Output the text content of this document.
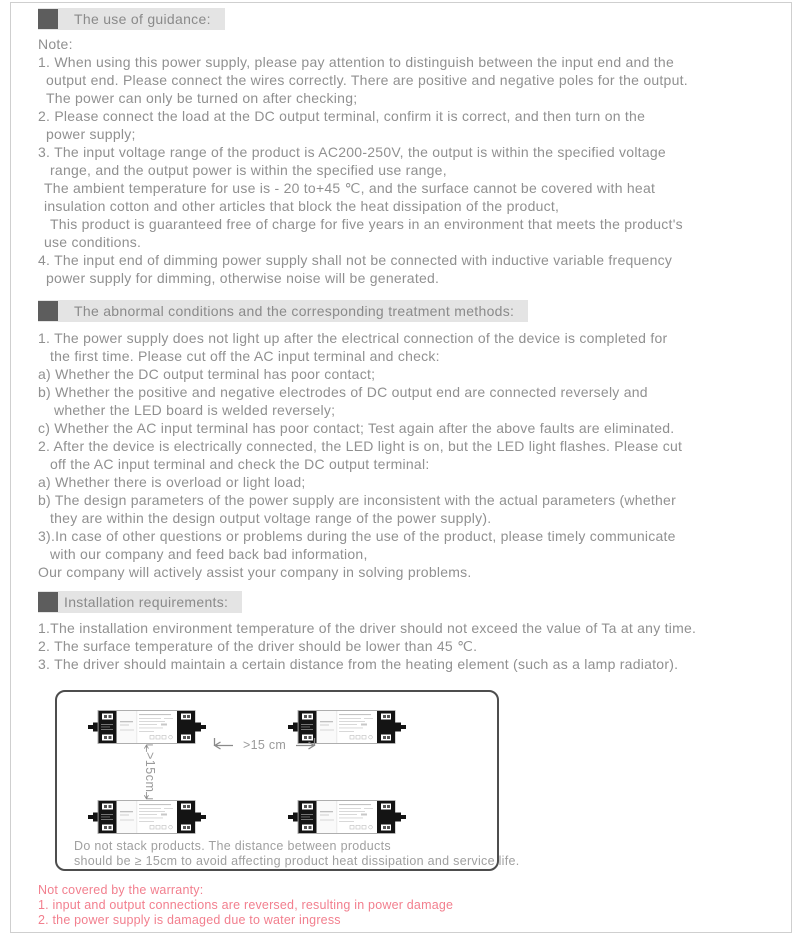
The use of guidance:
Note:
1. When using this power supply, please pay attention to distinguish between the input end and the
output end. Please connect the wires correctly. There are positive and negative poles for the output.
The power can only be turned on after checking;
2. Please connect the load at the DC output terminal, confirm it is correct, and then turn on the
power supply;
3. The input voltage range of the product is AC200-250V, the output is within the specified voltage
range, and the output power is within the specified use range,
The ambient temperature for use is - 20 to+45 ℃, and the surface cannot be covered with heat
insulation cotton and other articles that block the heat dissipation of the product,
This product is guaranteed free of charge for five years in an environment that meets the product's
use conditions.
4. The input end of dimming power supply shall not be connected with inductive variable frequency
power supply for dimming, otherwise noise will be generated.
The abnormal conditions and the corresponding treatment methods:
1. The power supply does not light up after the electrical connection of the device is completed for
the first time. Please cut off the AC input terminal and check:
a) Whether the DC output terminal has poor contact;
b) Whether the positive and negative electrodes of DC output end are connected reversely and
whether the LED board is welded reversely;
c) Whether the AC input terminal has poor contact; Test again after the above faults are eliminated.
2. After the device is electrically connected, the LED light is on, but the LED light flashes. Please cut
off the AC input terminal and check the DC output terminal:
a) Whether there is overload or light load;
b) The design parameters of the power supply are inconsistent with the actual parameters (whether
they are within the design output voltage range of the power supply).
3).In case of other questions or problems during the use of the product, please timely communicate
with our company and feed back bad information,
Our company will actively assist your company in solving problems.
Installation requirements:
1.The installation environment temperature of the driver should not exceed the value of Ta at any time.
2. The surface temperature of the driver should be lower than 45 ℃.
3. The driver should maintain a certain distance from the heating element (such as a lamp radiator).
>15 cm
>15cm
Do not stack products. The distance between products
should be ≥ 15cm to avoid affecting product heat dissipation and service life.
Not covered by the warranty:
1. input and output connections are reversed, resulting in power damage
2. the power supply is damaged due to water ingress
